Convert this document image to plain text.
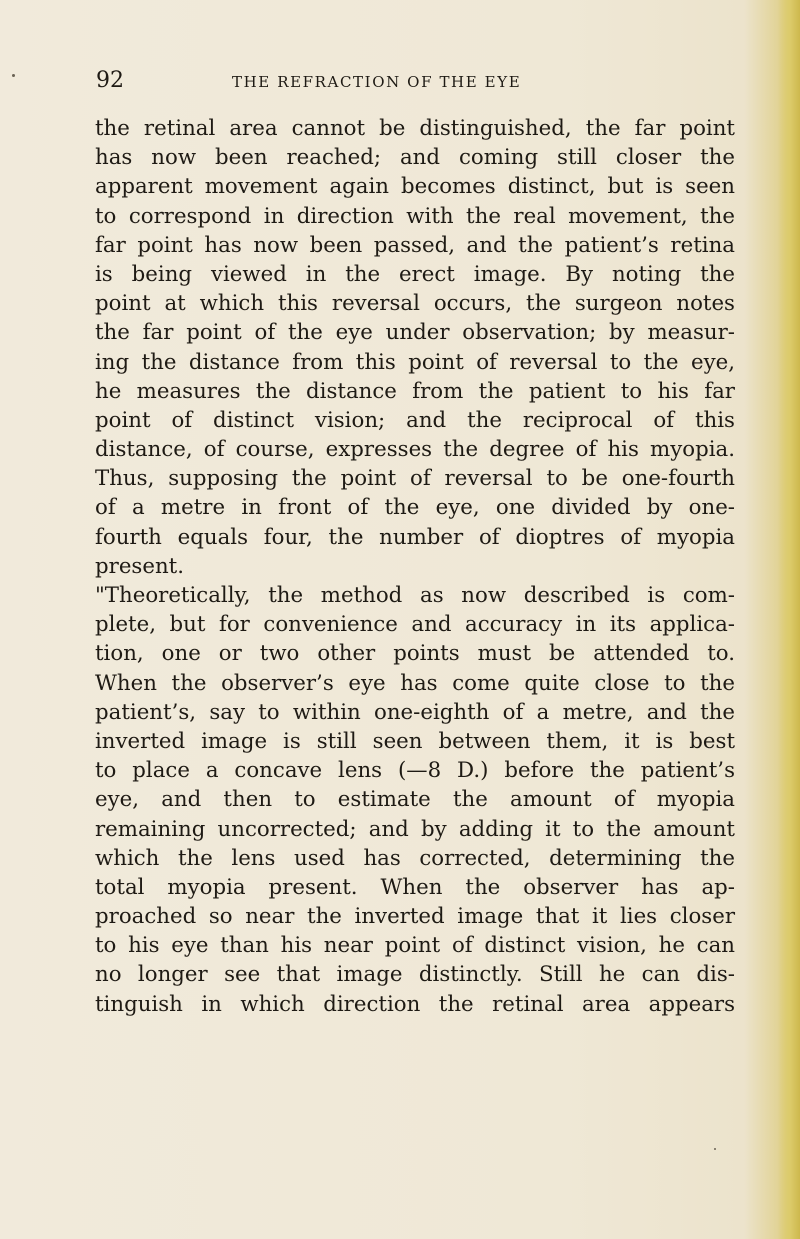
92	THE REFRACTION OF THE EYE
the retinal area cannot be distinguished, the far point
has now been reached; and coming still closer the
apparent movement again becomes distinct, but is seen
to correspond in direction with the real movement, the
far point has now been passed, and the patient’s retina
is being viewed in the erect image. By noting the
point at which this reversal occurs, the surgeon notes
the far point of the eye under observation; by measur-
ing the distance from this point of reversal to the eye,
he measures the distance from the patient to his far
point of distinct vision; and the reciprocal of this
distance, of course, expresses the degree of his myopia.
Thus, supposing the point of reversal to be one-fourth
of a metre in front of the eye, one divided by one-
fourth equals four, the number of dioptres of myopia
present.
"Theoretically, the method as now described is com-
plete, but for convenience and accuracy in its applica-
tion, one or two other points must be attended to.
When the observer’s eye has come quite close to the
patient’s, say to within one-eighth of a metre, and the
inverted image is still seen between them, it is best
to place a concave lens (—8 D.) before the patient’s
eye, and then to estimate the amount of myopia
remaining uncorrected; and by adding it to the amount
which the lens used has corrected, determining the
total myopia present. When the observer has ap-
proached so near the inverted image that it lies closer
to his eye than his near point of distinct vision, he can
no longer see that image distinctly. Still he can dis-
tinguish in which direction the retinal area appears
